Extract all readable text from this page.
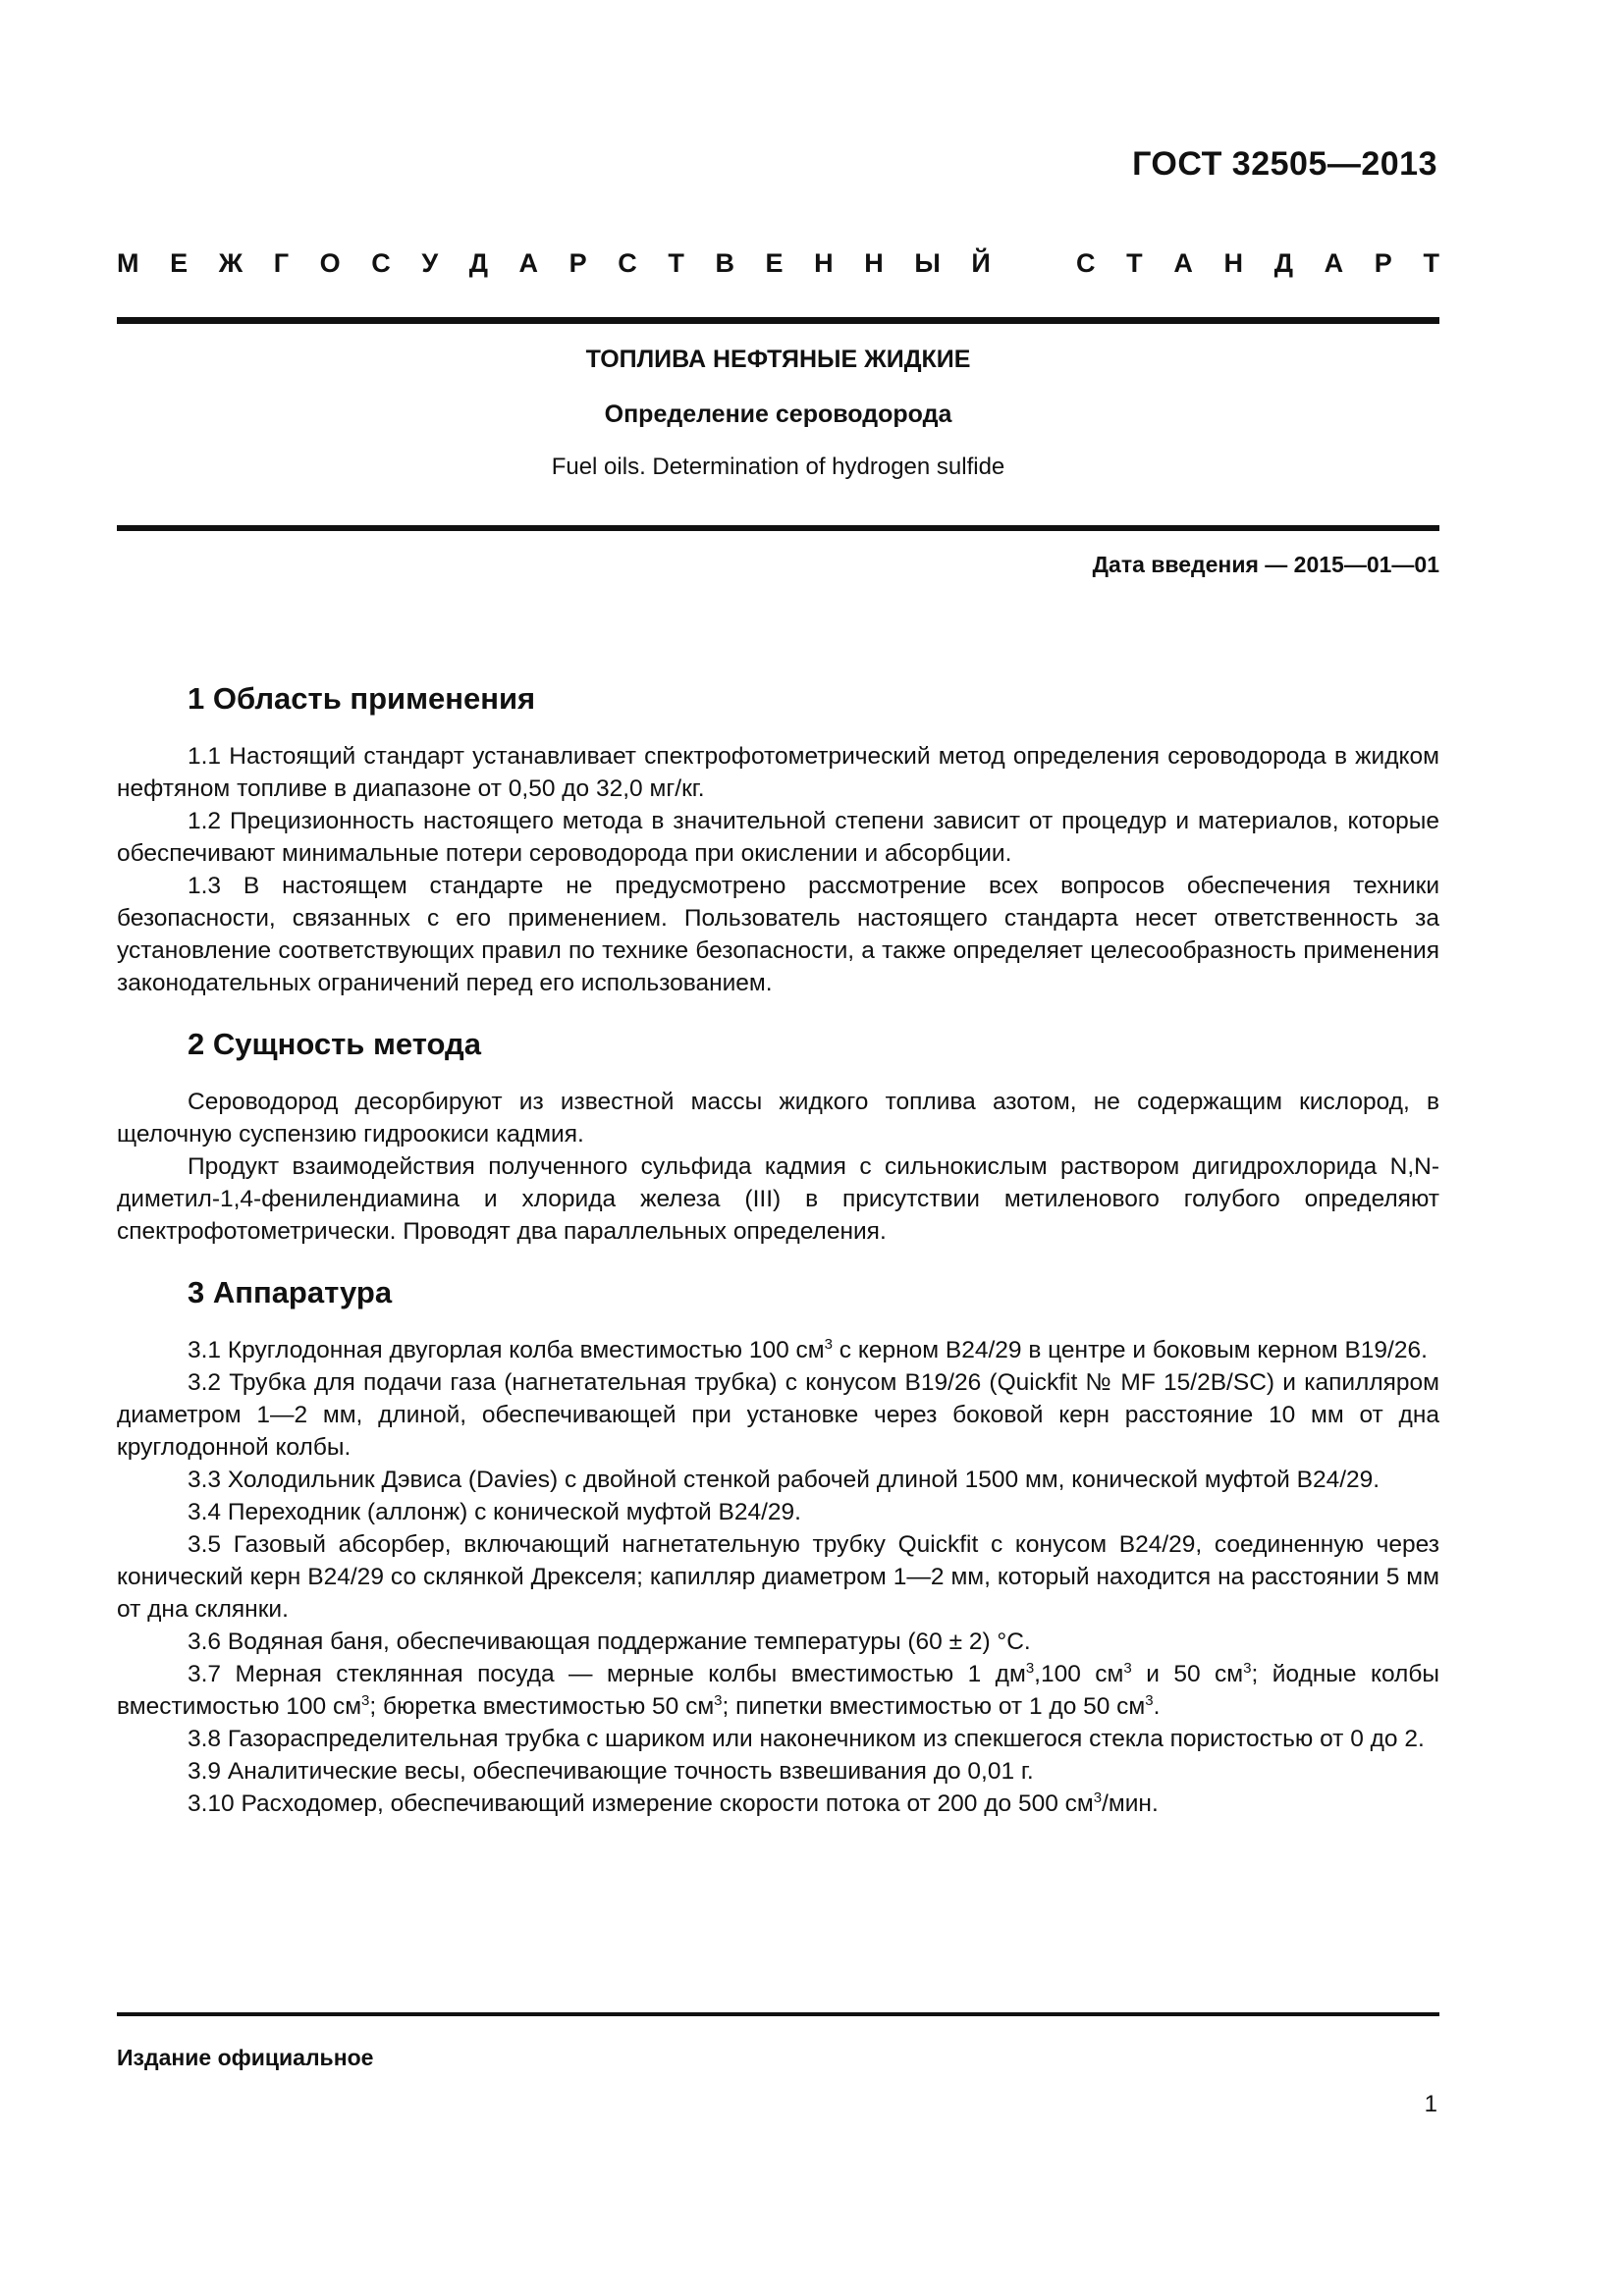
ГОСТ 32505—2013
М Е Ж Г О С У Д А Р С Т В Е Н Н Ы Й	С Т А Н Д А Р Т

ТОПЛИВА НЕФТЯНЫЕ ЖИДКИЕ

Определение сероводорода

Fuel oils. Determination of hydrogen sulfide

Дата введения — 2015—01—01
1 Область применения

1.1 Настоящий стандарт устанавливает спектрофотометрический метод определения сероводорода в жидком нефтяном топливе в диапазоне от 0,50 до 32,0 мг/кг.

1.2 Прецизионность настоящего метода в значительной степени зависит от процедур и материалов, которые обеспечивают минимальные потери сероводорода при окислении и абсорбции.

1.3 В настоящем стандарте не предусмотрено рассмотрение всех вопросов обеспечения техники безопасности, связанных с его применением. Пользователь настоящего стандарта несет ответственность за установление соответствующих правил по технике безопасности, а также определяет целесообразность применения законодательных ограничений перед его использованием.

2 Сущность метода

Сероводород десорбируют из известной массы жидкого топлива азотом, не содержащим кислород, в щелочную суспензию гидроокиси кадмия.

Продукт взаимодействия полученного сульфида кадмия с сильнокислым раствором дигидрохлорида N,N-диметил-1,4-фенилендиамина и хлорида железа (III) в присутствии метиленового голубого определяют спектрофотометрически. Проводят два параллельных определения.

3 Аппаратура

3.1 Круглодонная двугорлая колба вместимостью 100 $см^3$ с керном B24/29 в центре и боковым керном B19/26.

3.2 Трубка для подачи газа (нагнетательная трубка) с конусом B19/26 (Quickfit № MF 15/2B/SC) и капилляром диаметром 1—2 мм, длиной, обеспечивающей при установке через боковой керн расстояние 10 мм от дна круглодонной колбы.

3.3 Холодильник Дэвиса (Davies) с двойной стенкой рабочей длиной 1500 мм, конической муфтой B24/29.

3.4 Переходник (аллонж) с конической муфтой B24/29.

3.5 Газовый абсорбер, включающий нагнетательную трубку Quickfit с конусом B24/29, соединенную через конический керн B24/29 со склянкой Дрекселя; капилляр диаметром 1—2 мм, который находится на расстоянии 5 мм от дна склянки.

3.6 Водяная баня, обеспечивающая поддержание температуры (60 ± 2) °С.

3.7 Мерная стеклянная посуда — мерные колбы вместимостью 1 $дм^3,100$ $см^3$ и 50 $см^3$; йодные колбы вместимостью 100 $см^3$; бюретка вместимостью 50 $см^3$; пипетки вместимостью от 1 до 50 $см^3$.

3.8 Газораспределительная трубка с шариком или наконечником из спекшегося стекла пористостью от 0 до 2.

3.9 Аналитические весы, обеспечивающие точность взвешивания до 0,01 г.

3.10 Расходомер, обеспечивающий измерение скорости потока от 200 до 500 $см^3$/мин.

Издание официальное
1
